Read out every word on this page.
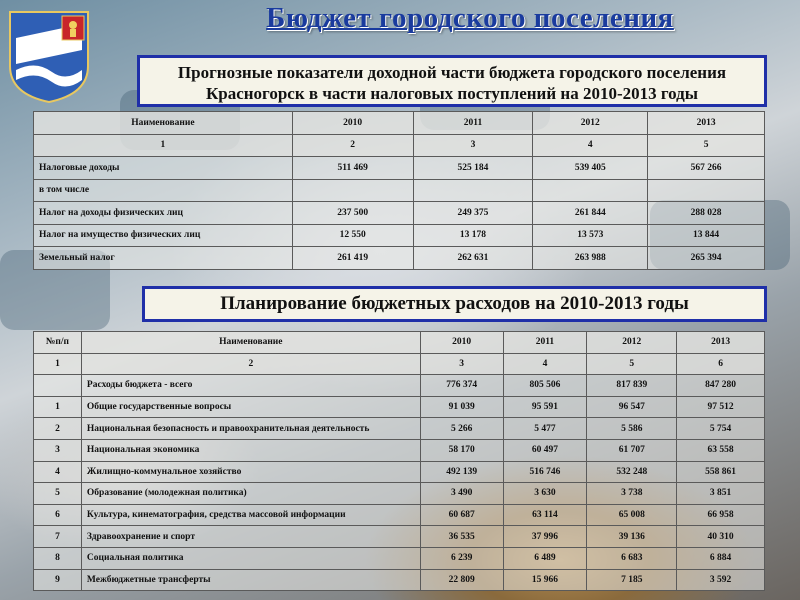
Бюджет городского поселения
Прогнозные показатели доходной части бюджета городского поселения
Красногорск в части налоговых поступлений на 2010-2013 годы
Наименование	2010	2011	2012	2013
1	2	3	4	5
Налоговые доходы	511 469	525 184	539 405	567 266
в том числе				
Налог на доходы физических лиц	237 500	249 375	261 844	288 028
Налог на имущество физических лиц	12 550	13 178	13 573	13 844
Земельный налог	261 419	262 631	263 988	265 394
Планирование бюджетных расходов на 2010-2013 годы
№п/п	Наименование	2010	2011	2012	2013
1	2	3	4	5	6
	Расходы бюджета - всего	776 374	805 506	817 839	847 280
1	Общие государственные вопросы	91 039	95 591	96 547	97 512
2	Национальная безопасность и правоохранительная деятельность	5 266	5 477	5 586	5 754
3	Национальная экономика	58 170	60 497	61 707	63 558
4	Жилищно-коммунальное хозяйство	492 139	516 746	532 248	558 861
5	Образование (молодежная политика)	3 490	3 630	3 738	3 851
6	Культура, кинематография, средства массовой информации	60 687	63 114	65 008	66 958
7	Здравоохранение и спорт	36 535	37 996	39 136	40 310
8	Социальная политика	6 239	6 489	6 683	6 884
9	Межбюджетные трансферты	22 809	15 966	7 185	3 592
